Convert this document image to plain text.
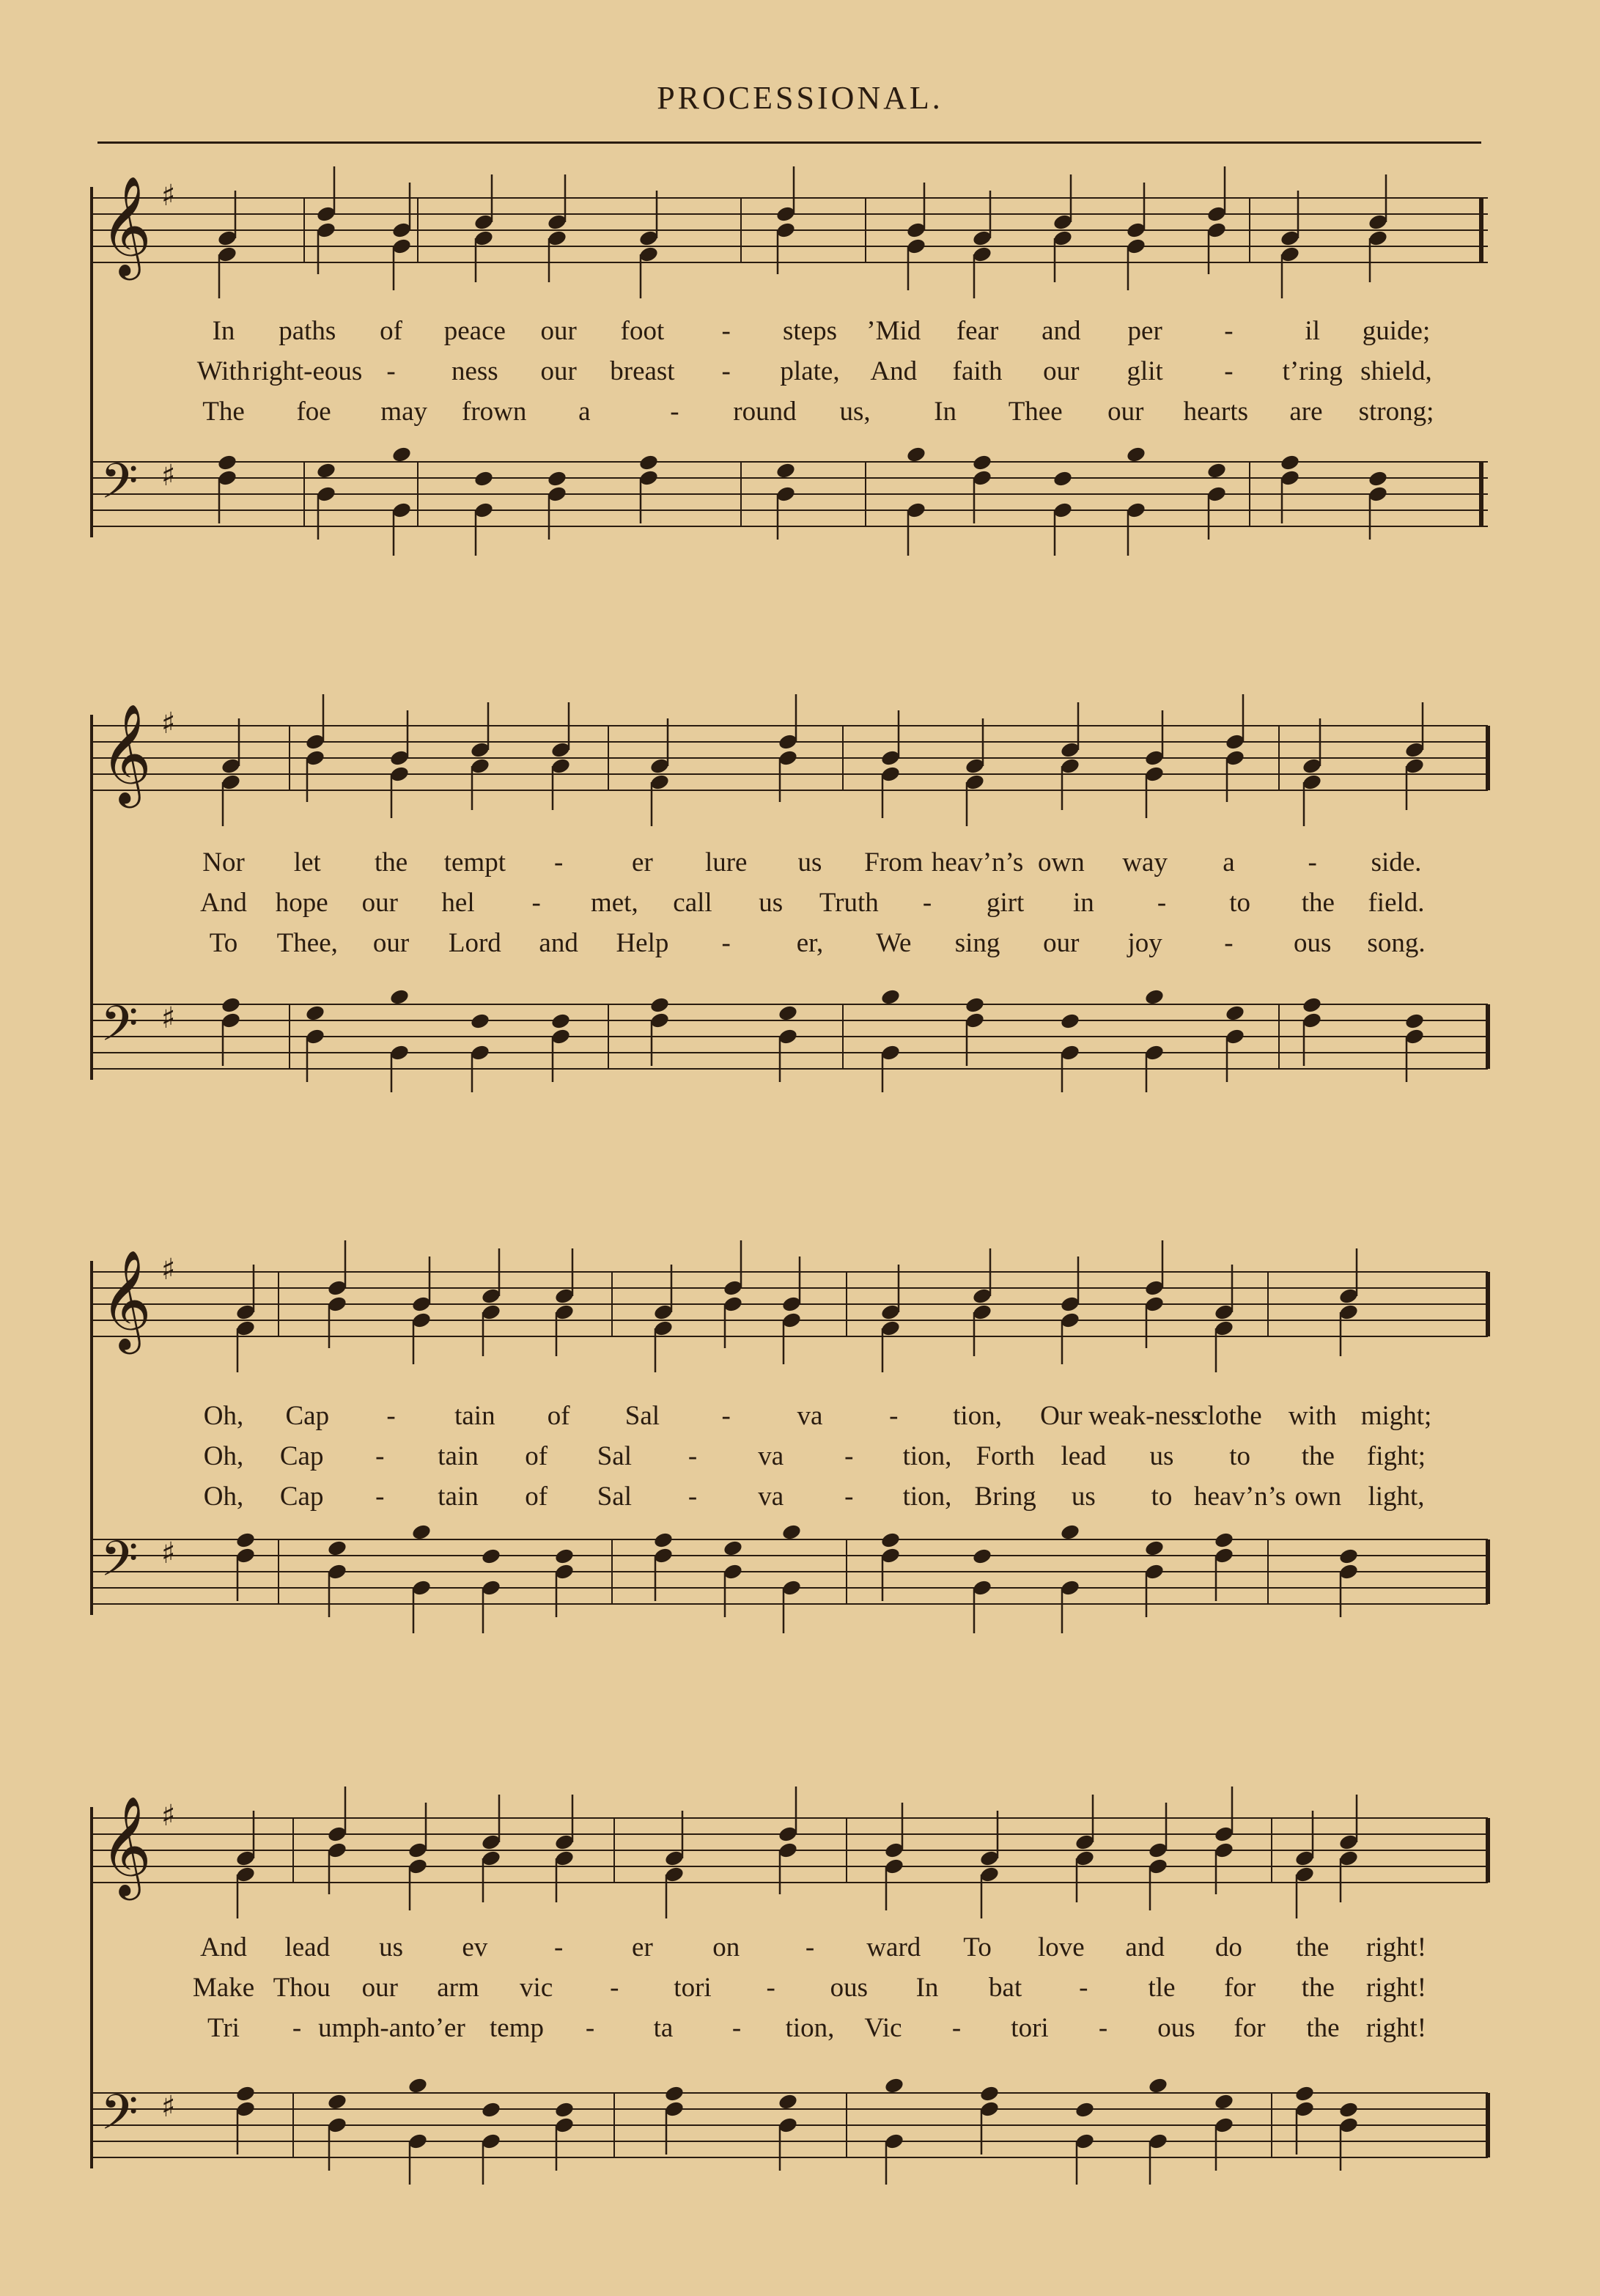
PROCESSIONAL.
𝄞 ♯
𝄢 ♯
In paths of peace our foot - steps ’Mid fear and per -	il guide;
With right-eous - ness our breast - plate, And faith our glit - t’ring shield,
The foe may frown a	- round us, In Thee our hearts are strong;
𝄞 ♯
𝄢 ♯
Nor let the tempt -	er lure us From heav’n’s own way a	- side.
And hope our hel - met, call us Truth - girt in - to the field.
To Thee, our Lord and Help - er, We sing our joy - ous song.
𝄞 ♯
𝄢 ♯
Oh, Cap - tain of Sal - va - tion, Our weak-ness
clothe with might;
Oh, Cap - tain of Sal - va - tion, Forth lead us to the fight;
Oh, Cap - tain of Sal - va - tion, Bring us to heav’n’s own light,
𝄞 ♯
𝄢 ♯
And lead us ev -	er on - ward To love and do the right!
Make Thou our arm vic - tori - ous In bat - tle for the right!
Tri - umph-ant o’er temp - ta - tion, Vic - tori - ous for the right!
